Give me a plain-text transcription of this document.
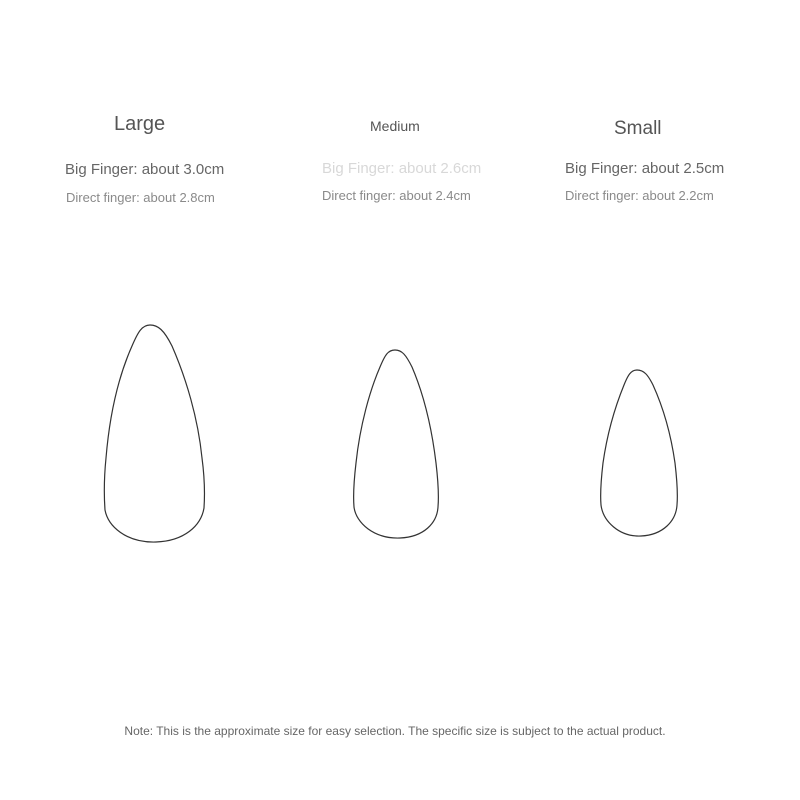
Large
Big Finger: about 3.0cm
Direct finger: about 2.8cm
Medium
Big Finger: about 2.6cm
Direct finger: about 2.4cm
Small
Big Finger: about 2.5cm
Direct finger: about 2.2cm
Note: This is the approximate size for easy selection. The specific size is subject to the actual product.
